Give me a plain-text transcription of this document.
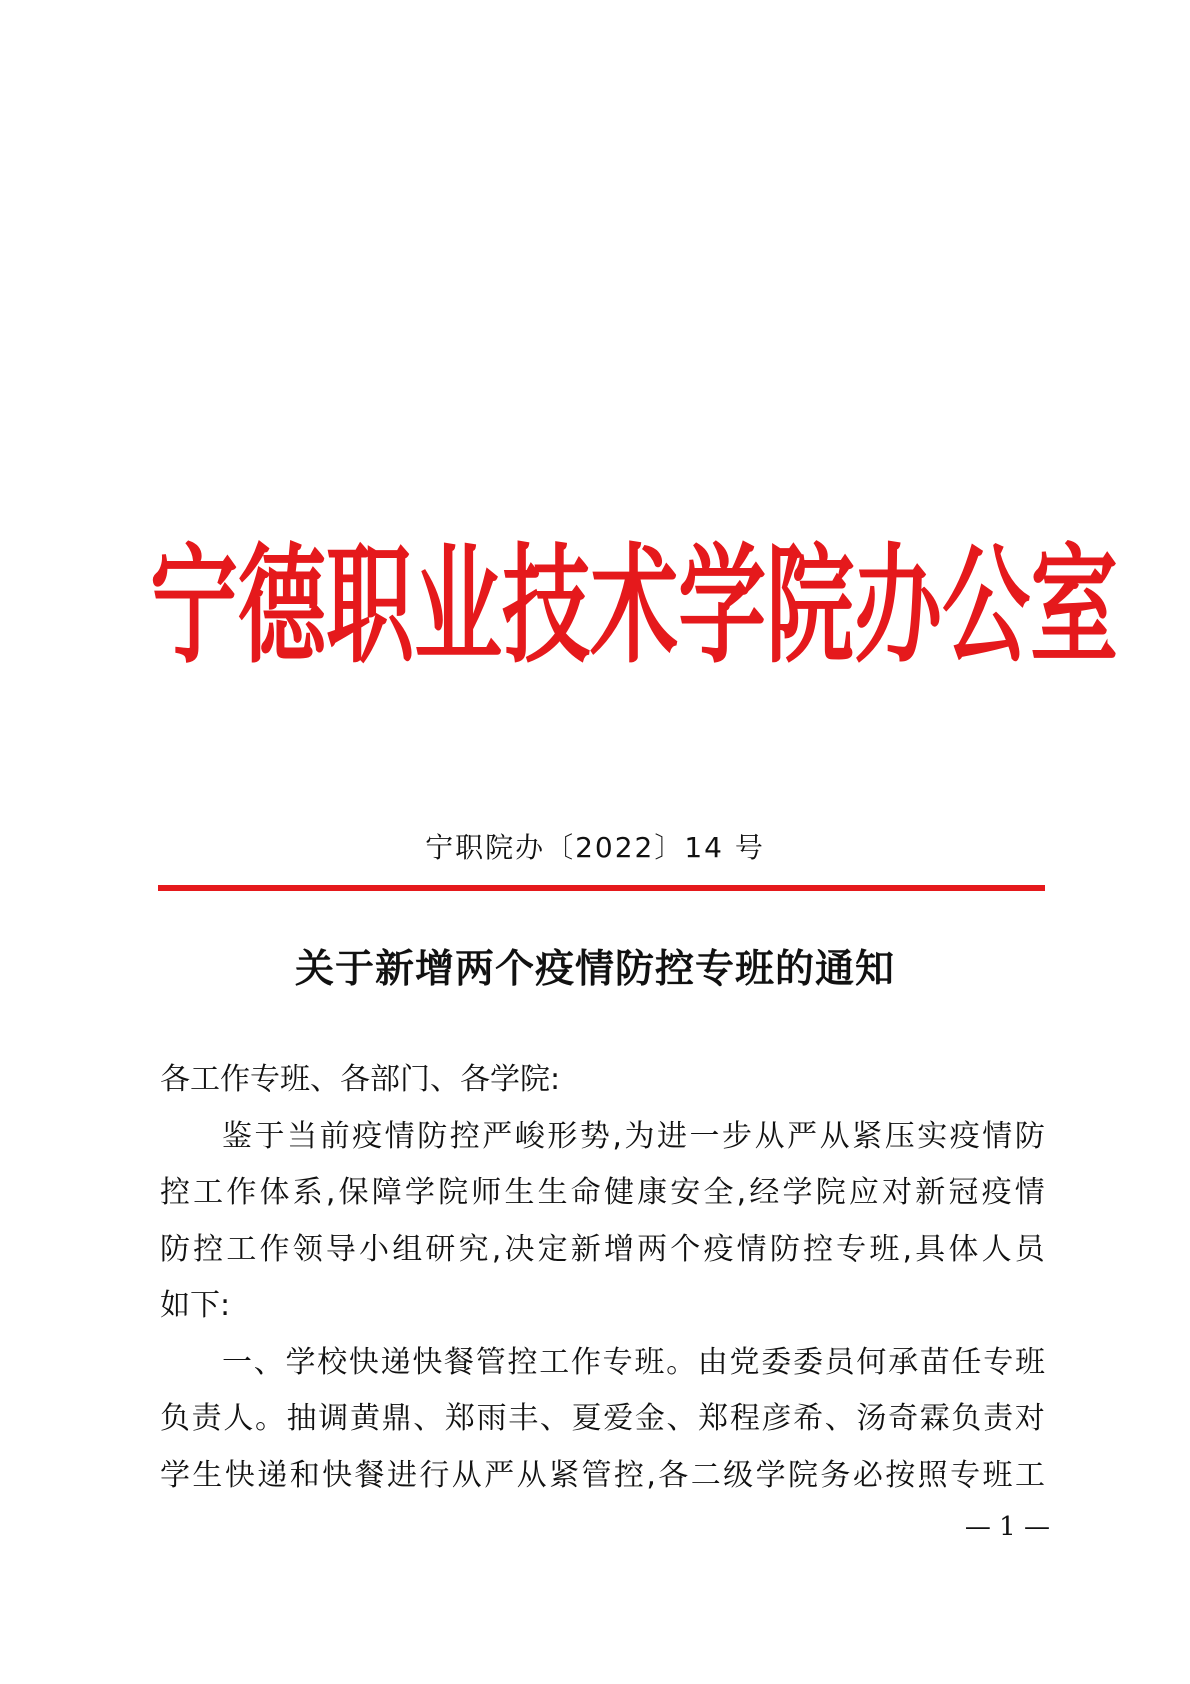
宁 德 职 业 技 术 学 院 办 公 室
宁职院办〔2022〕14 号
关于新增两个疫情防控专班的通知
各工作专班、各部门、各学院:
鉴 于 当 前 疫 情 防 控 严 峻 形 势 , 为 进 一 步 从 严 从 紧 压 实 疫 情 防
控 工 作 体 系 , 保 障 学 院 师 生 生 命 健 康 安 全 , 经 学 院 应 对 新 冠 疫 情
防 控 工 作 领 导 小 组 研 究 , 决 定 新 增 两 个 疫 情 防 控 专 班 , 具 体 人 员
如下:
一 、 学 校 快 递 快 餐 管 控 工 作 专 班 。 由 党 委 委 员 何 承 苗 任 专 班
负 责 人 。 抽 调 黄 鼎 、 郑 雨 丰 、 夏 爱 金 、 郑 程 彦 希 、 汤 奇 霖 负 责 对
学 生 快 递 和 快 餐 进 行 从 严 从 紧 管 控 , 各 二 级 学 院 务 必 按 照 专 班 工
— 1 —
